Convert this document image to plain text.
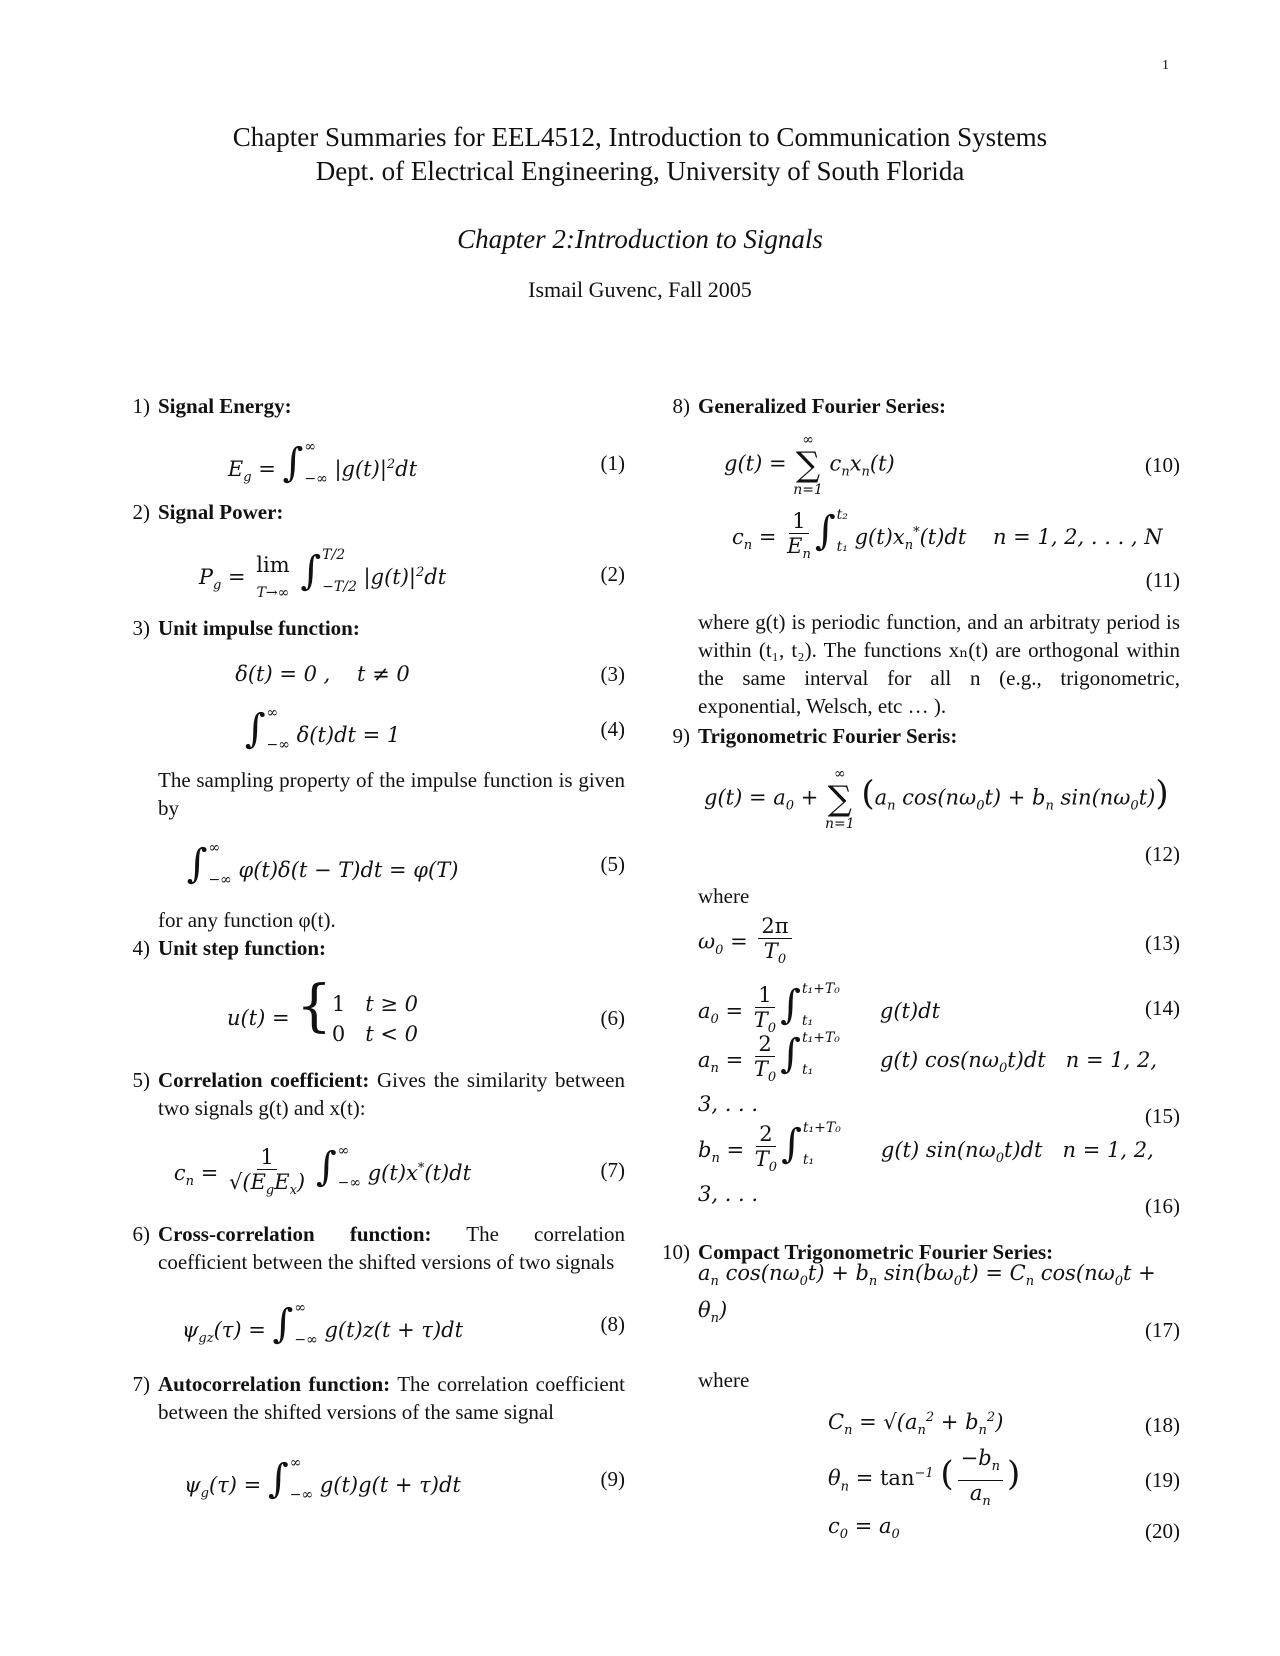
1
Chapter Summaries for EEL4512, Introduction to Communication Systems
Dept. of Electrical Engineering, University of South Florida
Chapter 2:Introduction to Signals
Ismail Guvenc, Fall 2005
1) Signal Energy:
$E_g$ = ∫ ∞
−∞ $|g(t)|^2dt$	(1)
2) Signal Power:
$P_g$ =
lim
T→∞
∫ T/2
−T/2 $|g(t)|^2dt$	(2)
3) Unit impulse function:
δ(t) = 0 ,    t ≠ 0	(3)
∫ ∞
−∞ δ(t)dt = 1	(4)
The sampling property of the impulse function is given by
∫ ∞
−∞ φ(t)δ(t − T)dt = φ(T)	(5)
for any function φ(t).
4) Unit step function:
u(t) = {1   t ≥ 0
0   t < 0
(6)
5) Correlation coefficient: Gives the similarity between two signals g(t) and x(t):
$c_n = \frac{1}{√(E_gE_x)}$
∫ ∞
−∞ g(t)x*(t)dt	(7)
6) Cross-correlation function: The correlation coefficient between the shifted versions of two signals
$\psi_{gz}(\tau)$ = ∫ ∞
−∞ g(t)z(t + τ)dt	(8)
7) Autocorrelation function: The correlation coefficient between the shifted versions of the same signal
$\psi_g(\tau)$ = ∫ ∞
−∞ g(t)g(t + τ)dt	(9)
8) Generalized Fourier Series:
g(t) =
∞
∑
n=1
$c_nx_n(t)$	(10)
$c_n = \frac{1}{E_n}$ ∫ t₂
t₁ $g(t)x_n^*(t)dt$    n = 1, 2, . . . , N
(11)
where g(t) is periodic function, and an arbitraty period is within (t₁, t₂). The functions xₙ(t) are orthogonal within the same interval for all n (e.g., trigonometric, exponential, Welsch, etc … ).
9) Trigonometric Fourier Seris:
$g(t) = a_0$ +
∞
∑
n=1
($a_n$ $\cos(n\omega_0t) + b_n$ $\sin(n\omega_0t)$)
(12)
where
$\omega_0 = \frac{2\pi}{T_0}$	(13)
$a_0 = \frac{1}{T_0}$ ∫ t₁+T₀
t₁	g(t)dt	(14)
$a_n = \frac{2}{T_0}$ ∫ t₁+T₀
t₁	g(t) $\cos(n\omega_0t)dt$   n = 1, 2, 3, . . .	(15)
$b_n = \frac{2}{T_0}$ ∫ t₁+T₀
t₁	g(t) $\sin(n\omega_0t)dt$   n = 1, 2, 3, . . .	(16)
10) Compact Trigonometric Fourier Series:
$a_n$ $\cos(n\omega_0t) + b_n$ $\sin(b\omega_0t) = C_n$ $\cos(n\omega_0t + \theta_n)$
(17)
where
$C_n = √(a_n^2 + b_n^2)$	(18)
$\theta_n = \tan^{-1}$ ( $\frac{-b_n}{a_n}$ )	(19)
$c_0 = a_0$	(20)
